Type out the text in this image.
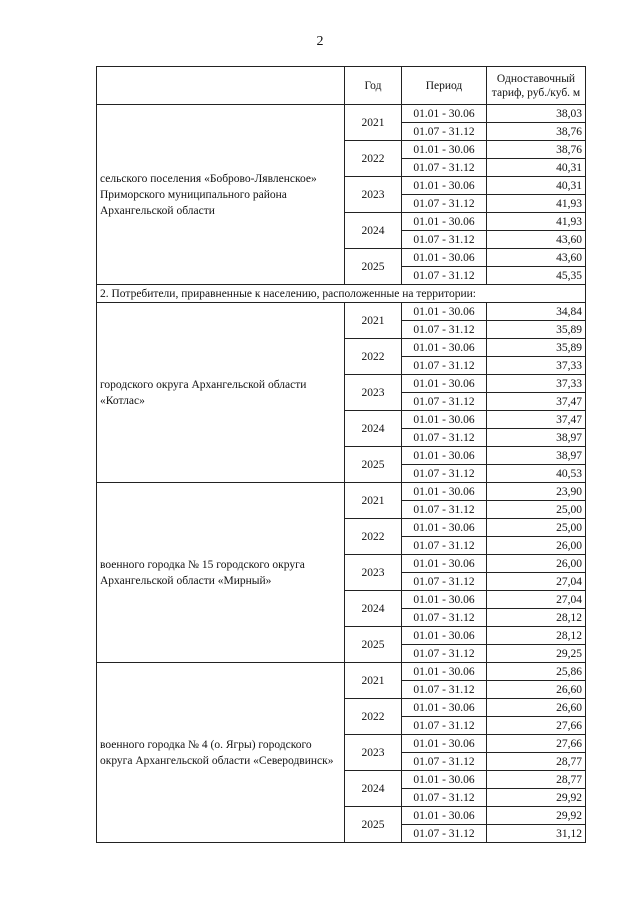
2
	Год	Период	Одноставочный тариф, руб./куб. м
сельского поселения «Боброво-Лявленское» Приморского муниципального района Архангельской области	2021	01.01 - 30.06	38,03
		01.07 - 31.12	38,76
	2022	01.01 - 30.06	38,76
		01.07 - 31.12	40,31
	2023	01.01 - 30.06	40,31
		01.07 - 31.12	41,93
	2024	01.01 - 30.06	41,93
		01.07 - 31.12	43,60
	2025	01.01 - 30.06	43,60
		01.07 - 31.12	45,35
2. Потребители, приравненные к населению, расположенные на территории:			
городского округа Архангельской области «Котлас»	2021	01.01 - 30.06	34,84
		01.07 - 31.12	35,89
	2022	01.01 - 30.06	35,89
		01.07 - 31.12	37,33
	2023	01.01 - 30.06	37,33
		01.07 - 31.12	37,47
	2024	01.01 - 30.06	37,47
		01.07 - 31.12	38,97
	2025	01.01 - 30.06	38,97
		01.07 - 31.12	40,53
военного городка № 15 городского округа Архангельской области «Мирный»	2021	01.01 - 30.06	23,90
		01.07 - 31.12	25,00
	2022	01.01 - 30.06	25,00
		01.07 - 31.12	26,00
	2023	01.01 - 30.06	26,00
		01.07 - 31.12	27,04
	2024	01.01 - 30.06	27,04
		01.07 - 31.12	28,12
	2025	01.01 - 30.06	28,12
		01.07 - 31.12	29,25
военного городка № 4 (о. Ягры) городского округа Архангельской области «Северодвинск»	2021	01.01 - 30.06	25,86
		01.07 - 31.12	26,60
	2022	01.01 - 30.06	26,60
		01.07 - 31.12	27,66
	2023	01.01 - 30.06	27,66
		01.07 - 31.12	28,77
	2024	01.01 - 30.06	28,77
		01.07 - 31.12	29,92
	2025	01.01 - 30.06	29,92
		01.07 - 31.12	31,12
